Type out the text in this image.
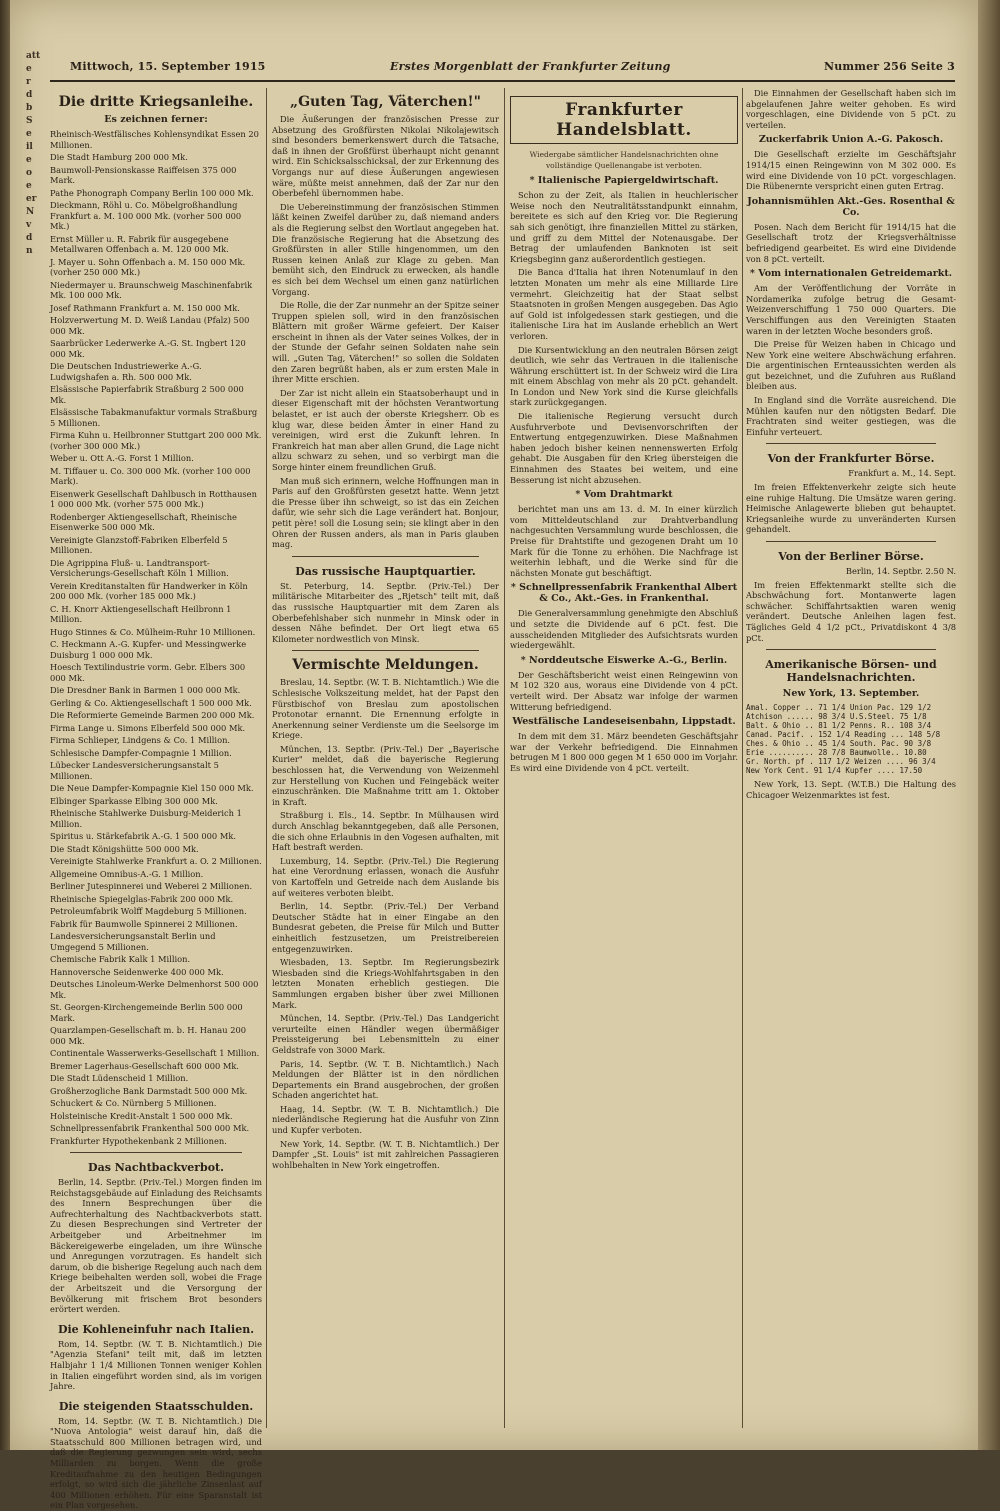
att
e
r
d
b
S
e
il
e
o
e
er
N
v
d
n
Mittwoch, 15. September 1915	Erstes Morgenblatt der Frankfurter Zeitung	Nummer 256 Seite 3
Die dritte Kriegsanleihe.
Es zeichnen ferner:
Rheinisch-Westfälisches Kohlensyndikat Essen 20 Millionen.
Die Stadt Hamburg 200 000 Mk.
Baumwoll-Pensionskasse Raiffeisen 375 000 Mark.
Pathe Phonograph Company Berlin 100 000 Mk.
Dieckmann, Röhl u. Co. Möbelgroßhandlung Frankfurt a. M. 100 000 Mk. (vorher 500 000 Mk.)
Ernst Müller u. R. Fabrik für ausgegebene Metallwaren Offenbach a. M. 120 000 Mk.
J. Mayer u. Sohn Offenbach a. M. 150 000 Mk. (vorher 250 000 Mk.)
Niedermayer u. Braunschweig Maschinenfabrik Mk. 100 000 Mk.
Josef Rathmann Frankfurt a. M. 150 000 Mk.
Holzverwertung M. D. Weiß Landau (Pfalz) 500 000 Mk.
Saarbrücker Lederwerke A.-G. St. Ingbert 120 000 Mk.
Die Deutschen Industriewerke A.-G. Ludwigshafen a. Rh. 500 000 Mk.
Elsässische Papierfabrik Straßburg 2 500 000 Mk.
Elsässische Tabakmanufaktur vormals Straßburg 5 Millionen.
Firma Kuhn u. Heilbronner Stuttgart 200 000 Mk. (vorher 300 000 Mk.)
Weber u. Ott A.-G. Forst 1 Million.
M. Tiffauer u. Co. 300 000 Mk. (vorher 100 000 Mark).
Eisenwerk Gesellschaft Dahlbusch in Rotthausen 1 000 000 Mk. (vorher 575 000 Mk.)
Rodenberger Aktiengesellschaft, Rheinische Eisenwerke 500 000 Mk.
Vereinigte Glanzstoff-Fabriken Elberfeld 5 Millionen.
Die Agrippina Fluß- u. Landtransport-Versicherungs-Gesellschaft Köln 1 Million.
Verein Kreditanstalten für Handwerker in Köln 200 000 Mk. (vorher 185 000 Mk.)
C. H. Knorr Aktiengesellschaft Heilbronn 1 Million.
Hugo Stinnes & Co. Mülheim-Ruhr 10 Millionen.
C. Heckmann A.-G. Kupfer- und Messingwerke Duisburg 1 000 000 Mk.
Hoesch Textilindustrie vorm. Gebr. Elbers 300 000 Mk.
Die Dresdner Bank in Barmen 1 000 000 Mk.
Gerling & Co. Aktiengesellschaft 1 500 000 Mk.
Die Reformierte Gemeinde Barmen 200 000 Mk.
Firma Lange u. Simons Elberfeld 500 000 Mk.
Firma Schlieper, Lindgens & Co. 1 Million.
Schlesische Dampfer-Compagnie 1 Million.
Lübecker Landesversicherungsanstalt 5 Millionen.
Die Neue Dampfer-Kompagnie Kiel 150 000 Mk.
Elbinger Sparkasse Elbing 300 000 Mk.
Rheinische Stahlwerke Duisburg-Meiderich 1 Million.
Spiritus u. Stärkefabrik A.-G. 1 500 000 Mk.
Die Stadt Königshütte 500 000 Mk.
Vereinigte Stahlwerke Frankfurt a. O. 2 Millionen.
Allgemeine Omnibus-A.-G. 1 Million.
Berliner Jutespinnerei und Weberei 2 Millionen.
Rheinische Spiegelglas-Fabrik 200 000 Mk.
Petroleumfabrik Wolff Magdeburg 5 Millionen.
Fabrik für Baumwolle Spinnerei 2 Millionen.
Landesversicherungsanstalt Berlin und Umgegend 5 Millionen.
Chemische Fabrik Kalk 1 Million.
Hannoversche Seidenwerke 400 000 Mk.
Deutsches Linoleum-Werke Delmenhorst 500 000 Mk.
St. Georgen-Kirchengemeinde Berlin 500 000 Mark.
Quarzlampen-Gesellschaft m. b. H. Hanau 200 000 Mk.
Continentale Wasserwerks-Gesellschaft 1 Million.
Bremer Lagerhaus-Gesellschaft 600 000 Mk.
Die Stadt Lüdenscheid 1 Million.
Großherzogliche Bank Darmstadt 500 000 Mk.
Schuckert & Co. Nürnberg 5 Millionen.
Holsteinische Kredit-Anstalt 1 500 000 Mk.
Schnellpressenfabrik Frankenthal 500 000 Mk.
Frankfurter Hypothekenbank 2 Millionen.
Das Nachtbackverbot.

Berlin, 14. Septbr. (Priv.-Tel.) Morgen finden im Reichstagsgebäude auf Einladung des Reichsamts des Innern Besprechungen über die Aufrechterhaltung des Nachtbackverbots statt. Zu diesen Besprechungen sind Vertreter der Arbeitgeber und Arbeitnehmer im Bäckereigewerbe eingeladen, um ihre Wünsche und Anregungen vorzutragen. Es handelt sich darum, ob die bisherige Regelung auch nach dem Kriege beibehalten werden soll, wobei die Frage der Arbeitszeit und die Versorgung der Bevölkerung mit frischem Brot besonders erörtert werden.

Die Kohleneinfuhr nach Italien.

Rom, 14. Septbr. (W. T. B. Nichtamtlich.) Die "Agenzia Stefani" teilt mit, daß im letzten Halbjahr 1 1/4 Millionen Tonnen weniger Kohlen in Italien eingeführt worden sind, als im vorigen Jahre.

Die steigenden Staatsschulden.

Rom, 14. Septbr. (W. T. B. Nichtamtlich.) Die "Nuova Antologia" weist darauf hin, daß die Staatsschuld 800 Millionen betragen wird, und daß die Regierung gezwungen sein wird, sechs Milliarden zu borgen. Wenn die große Kreditaufnahme zu den heutigen Bedingungen erfolgt, so wird sich die jährliche Zinsenlast auf 400 Millionen erhöhen. Für eine Sparanstalt ist ein Plan vorgesehen.

„Guten Tag, Väterchen!"

Die Äußerungen der französischen Presse zur Absetzung des Großfürsten Nikolai Nikolajewitsch sind besonders bemerkenswert durch die Tatsache, daß in ihnen der Großfürst überhaupt nicht genannt wird. Ein Schicksalsschicksal, der zur Erkennung des Vorgangs nur auf diese Äußerungen angewiesen wäre, müßte meist annehmen, daß der Zar nur den Oberbefehl übernommen habe.

Die Uebereinstimmung der französischen Stimmen läßt keinen Zweifel darüber zu, daß niemand anders als die Regierung selbst den Wortlaut angegeben hat. Die französische Regierung hat die Absetzung des Großfürsten in aller Stille hingenommen, um den Russen keinen Anlaß zur Klage zu geben. Man bemüht sich, den Eindruck zu erwecken, als handle es sich bei dem Wechsel um einen ganz natürlichen Vorgang.

Die Rolle, die der Zar nunmehr an der Spitze seiner Truppen spielen soll, wird in den französischen Blättern mit großer Wärme gefeiert. Der Kaiser erscheint in ihnen als der Vater seines Volkes, der in der Stunde der Gefahr seinen Soldaten nahe sein will. „Guten Tag, Väterchen!" so sollen die Soldaten den Zaren begrüßt haben, als er zum ersten Male in ihrer Mitte erschien.

Der Zar ist nicht allein ein Staatsoberhaupt und in dieser Eigenschaft mit der höchsten Verantwortung belastet, er ist auch der oberste Kriegsherr. Ob es klug war, diese beiden Ämter in einer Hand zu vereinigen, wird erst die Zukunft lehren. In Frankreich hat man aber allen Grund, die Lage nicht allzu schwarz zu sehen, und so verbirgt man die Sorge hinter einem freundlichen Gruß.

Man muß sich erinnern, welche Hoffnungen man in Paris auf den Großfürsten gesetzt hatte. Wenn jetzt die Presse über ihn schweigt, so ist das ein Zeichen dafür, wie sehr sich die Lage verändert hat. Bonjour, petit père! soll die Losung sein; sie klingt aber in den Ohren der Russen anders, als man in Paris glauben mag.

Das russische Hauptquartier.

St. Peterburg, 14. Septbr. (Priv.-Tel.) Der militärische Mitarbeiter des „Rjetsch" teilt mit, daß das russische Hauptquartier mit dem Zaren als Oberbefehlshaber sich nunmehr in Minsk oder in dessen Nähe befindet. Der Ort liegt etwa 65 Kilometer nordwestlich von Minsk.

Vermischte Meldungen.

Breslau, 14. Septbr. (W. T. B. Nichtamtlich.) Wie die Schlesische Volkszeitung meldet, hat der Papst den Fürstbischof von Breslau zum apostolischen Protonotar ernannt. Die Ernennung erfolgte in Anerkennung seiner Verdienste um die Seelsorge im Kriege.

München, 13. Septbr. (Priv.-Tel.) Der „Bayerische Kurier" meldet, daß die bayerische Regierung beschlossen hat, die Verwendung von Weizenmehl zur Herstellung von Kuchen und Feingebäck weiter einzuschränken. Die Maßnahme tritt am 1. Oktober in Kraft.

Straßburg i. Els., 14. Septbr. In Mülhausen wird durch Anschlag bekanntgegeben, daß alle Personen, die sich ohne Erlaubnis in den Vogesen aufhalten, mit Haft bestraft werden.

Luxemburg, 14. Septbr. (Priv.-Tel.) Die Regierung hat eine Verordnung erlassen, wonach die Ausfuhr von Kartoffeln und Getreide nach dem Auslande bis auf weiteres verboten bleibt.

Berlin, 14. Septbr. (Priv.-Tel.) Der Verband Deutscher Städte hat in einer Eingabe an den Bundesrat gebeten, die Preise für Milch und Butter einheitlich festzusetzen, um Preistreibereien entgegenzuwirken.

Wiesbaden, 13. Septbr. Im Regierungsbezirk Wiesbaden sind die Kriegs-Wohlfahrtsgaben in den letzten Monaten erheblich gestiegen. Die Sammlungen ergaben bisher über zwei Millionen Mark.

München, 14. Septbr. (Priv.-Tel.) Das Landgericht verurteilte einen Händler wegen übermäßiger Preissteigerung bei Lebensmitteln zu einer Geldstrafe von 3000 Mark.

Paris, 14. Septbr. (W. T. B. Nichtamtlich.) Nach Meldungen der Blätter ist in den nördlichen Departements ein Brand ausgebrochen, der großen Schaden angerichtet hat.

Haag, 14. Septbr. (W. T. B. Nichtamtlich.) Die niederländische Regierung hat die Ausfuhr von Zinn und Kupfer verboten.

New York, 14. Septbr. (W. T. B. Nichtamtlich.) Der Dampfer „St. Louis" ist mit zahlreichen Passagieren wohlbehalten in New York eingetroffen.

Frankfurter Handelsblatt.

Wiedergabe sämtlicher Handelsnachrichten ohne vollständige Quellenangabe ist verboten.

* Italienische Papiergeldwirtschaft.

Schon zu der Zeit, als Italien in heuchlerischer Weise noch den Neutralitätsstandpunkt einnahm, bereitete es sich auf den Krieg vor. Die Regierung sah sich genötigt, ihre finanziellen Mittel zu stärken, und griff zu dem Mittel der Notenausgabe. Der Betrag der umlaufenden Banknoten ist seit Kriegsbeginn ganz außerordentlich gestiegen.

Die Banca d'Italia hat ihren Notenumlauf in den letzten Monaten um mehr als eine Milliarde Lire vermehrt. Gleichzeitig hat der Staat selbst Staatsnoten in großen Mengen ausgegeben. Das Agio auf Gold ist infolgedessen stark gestiegen, und die italienische Lira hat im Auslande erheblich an Wert verloren.

Die Kursentwicklung an den neutralen Börsen zeigt deutlich, wie sehr das Vertrauen in die italienische Währung erschüttert ist. In der Schweiz wird die Lira mit einem Abschlag von mehr als 20 pCt. gehandelt. In London und New York sind die Kurse gleichfalls stark zurückgegangen.

Die italienische Regierung versucht durch Ausfuhrverbote und Devisenvorschriften der Entwertung entgegenzuwirken. Diese Maßnahmen haben jedoch bisher keinen nennenswerten Erfolg gehabt. Die Ausgaben für den Krieg übersteigen die Einnahmen des Staates bei weitem, und eine Besserung ist nicht abzusehen.

* Vom Drahtmarkt

berichtet man uns am 13. d. M. In einer kürzlich vom Mitteldeutschland zur Drahtverbandlung nachgesuchten Versammlung wurde beschlossen, die Preise für Drahtstifte und gezogenen Draht um 10 Mark für die Tonne zu erhöhen. Die Nachfrage ist weiterhin lebhaft, und die Werke sind für die nächsten Monate gut beschäftigt.

* Schnellpressenfabrik Frankenthal Albert & Co., Akt.-Ges. in Frankenthal.

Die Generalversammlung genehmigte den Abschluß und setzte die Dividende auf 6 pCt. fest. Die ausscheidenden Mitglieder des Aufsichtsrats wurden wiedergewählt.

* Norddeutsche Eiswerke A.-G., Berlin.

Der Geschäftsbericht weist einen Reingewinn von M 102 320 aus, woraus eine Dividende von 4 pCt. verteilt wird. Der Absatz war infolge der warmen Witterung befriedigend.

Westfälische Landeseisenbahn, Lippstadt.

In dem mit dem 31. März beendeten Geschäftsjahr war der Verkehr befriedigend. Die Einnahmen betrugen M 1 800 000 gegen M 1 650 000 im Vorjahr. Es wird eine Dividende von 4 pCt. verteilt.

Die Einnahmen der Gesellschaft haben sich im abgelaufenen Jahre weiter gehoben. Es wird vorgeschlagen, eine Dividende von 5 pCt. zu verteilen.

Zuckerfabrik Union A.-G. Pakosch.

Die Gesellschaft erzielte im Geschäftsjahr 1914/15 einen Reingewinn von M 302 000. Es wird eine Dividende von 10 pCt. vorgeschlagen. Die Rübenernte verspricht einen guten Ertrag.

Johannismühlen Akt.-Ges. Rosenthal & Co.

Posen. Nach dem Bericht für 1914/15 hat die Gesellschaft trotz der Kriegsverhältnisse befriedigend gearbeitet. Es wird eine Dividende von 8 pCt. verteilt.

* Vom internationalen Getreidemarkt.

Am der Veröffentlichung der Vorräte in Nordamerika zufolge betrug die Gesamt-Weizenverschiffung 1 750 000 Quarters. Die Verschiffungen aus den Vereinigten Staaten waren in der letzten Woche besonders groß.

Die Preise für Weizen haben in Chicago und New York eine weitere Abschwächung erfahren. Die argentinischen Ernteaussichten werden als gut bezeichnet, und die Zufuhren aus Rußland bleiben aus.

In England sind die Vorräte ausreichend. Die Mühlen kaufen nur den nötigsten Bedarf. Die Frachtraten sind weiter gestiegen, was die Einfuhr verteuert.

Von der Frankfurter Börse.

Frankfurt a. M., 14. Sept.

Im freien Effektenverkehr zeigte sich heute eine ruhige Haltung. Die Umsätze waren gering. Heimische Anlagewerte blieben gut behauptet. Kriegsanleihe wurde zu unveränderten Kursen gehandelt.

Von der Berliner Börse.

Berlin, 14. Septbr. 2.50 N.

Im freien Effektenmarkt stellte sich die Abschwächung fort. Montanwerte lagen schwächer. Schiffahrtsaktien waren wenig verändert. Deutsche Anleihen lagen fest. Tägliches Geld 4 1/2 pCt., Privatdiskont 4 3/8 pCt.

Amerikanische Börsen- und Handelsnachrichten.
New York, 13. September.
Amal. Copper .. 71 1/4 Union Pac. 129 1/2
Atchison ...... 98 3/4 U.S.Steel. 75 1/8
Balt. & Ohio .. 81 1/2 Penns. R.. 108 3/4
Canad. Pacif. . 152 1/4 Reading ... 148 5/8
Ches. & Ohio .. 45 1/4 South. Pac. 90 3/8
Erie .......... 28 7/8 Baumwolle.. 10.80
Gr. North. pf . 117 1/2 Weizen .... 96 3/4
New York Cent. 91 1/4 Kupfer .... 17.50

New York, 13. Sept. (W.T.B.) Die Haltung des Chicagoer Weizenmarktes ist fest.
